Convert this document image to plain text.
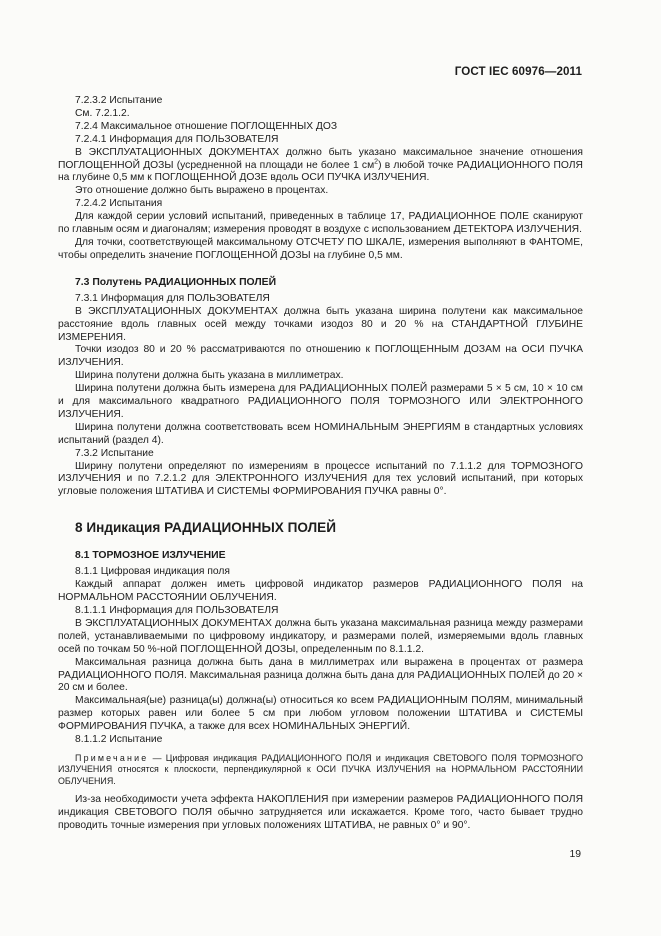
ГОСТ IEC 60976—2011

7.2.3.2 Испытание

См. 7.2.1.2.

7.2.4 Максимальное отношение ПОГЛОЩЕННЫХ ДОЗ

7.2.4.1 Информация для ПОЛЬЗОВАТЕЛЯ

В ЭКСПЛУАТАЦИОННЫХ ДОКУМЕНТАХ должно быть указано максимальное значение отношения ПОГЛОЩЕННОЙ ДОЗЫ (усредненной на площади не более 1 $см^2$) в любой точке РАДИАЦИОННОГО ПОЛЯ на глубине 0,5 мм к ПОГЛОЩЕННОЙ ДОЗЕ вдоль ОСИ ПУЧКА ИЗЛУЧЕНИЯ.

Это отношение должно быть выражено в процентах.

7.2.4.2 Испытания

Для каждой серии условий испытаний, приведенных в таблице 17, РАДИАЦИОННОЕ ПОЛЕ сканируют по главным осям и диагоналям; измерения проводят в воздухе с использованием ДЕТЕКТОРА ИЗЛУЧЕНИЯ.

Для точки, соответствующей максимальному ОТСЧЕТУ ПО ШКАЛЕ, измерения выполняют в ФАНТОМЕ, чтобы определить значение ПОГЛОЩЕННОЙ ДОЗЫ на глубине 0,5 мм.

7.3 Полутень РАДИАЦИОННЫХ ПОЛЕЙ

7.3.1 Информация для ПОЛЬЗОВАТЕЛЯ

В ЭКСПЛУАТАЦИОННЫХ ДОКУМЕНТАХ должна быть указана ширина полутени как максимальное расстояние вдоль главных осей между точками изодоз 80 и 20 % на СТАНДАРТНОЙ ГЛУБИНЕ ИЗМЕРЕНИЯ.

Точки изодоз 80 и 20 % рассматриваются по отношению к ПОГЛОЩЕННЫМ ДОЗАМ на ОСИ ПУЧКА ИЗЛУЧЕНИЯ.

Ширина полутени должна быть указана в миллиметрах.

Ширина полутени должна быть измерена для РАДИАЦИОННЫХ ПОЛЕЙ размерами 5 × 5 см, 10 × 10 см и для максимального квадратного РАДИАЦИОННОГО ПОЛЯ ТОРМОЗНОГО ИЛИ ЭЛЕКТРОННОГО ИЗЛУЧЕНИЯ.

Ширина полутени должна соответствовать всем НОМИНАЛЬНЫМ ЭНЕРГИЯМ в стандартных условиях испытаний (раздел 4).

7.3.2 Испытание

Ширину полутени определяют по измерениям в процессе испытаний по 7.1.1.2 для ТОРМОЗНОГО ИЗЛУЧЕНИЯ и по 7.2.1.2 для ЭЛЕКТРОННОГО ИЗЛУЧЕНИЯ для тех условий испытаний, при которых угловые положения ШТАТИВА И СИСТЕМЫ ФОРМИРОВАНИЯ ПУЧКА равны 0°.

8 Индикация РАДИАЦИОННЫХ ПОЛЕЙ
8.1 ТОРМОЗНОЕ ИЗЛУЧЕНИЕ

8.1.1 Цифровая индикация поля

Каждый аппарат должен иметь цифровой индикатор размеров РАДИАЦИОННОГО ПОЛЯ на НОРМАЛЬНОМ РАССТОЯНИИ ОБЛУЧЕНИЯ.

8.1.1.1 Информация для ПОЛЬЗОВАТЕЛЯ

В ЭКСПЛУАТАЦИОННЫХ ДОКУМЕНТАХ должна быть указана максимальная разница между размерами полей, устанавливаемыми по цифровому индикатору, и размерами полей, измеряемыми вдоль главных осей по точкам 50 %-ной ПОГЛОЩЕННОЙ ДОЗЫ, определенным по 8.1.1.2.

Максимальная разница должна быть дана в миллиметрах или выражена в процентах от размера РАДИАЦИОННОГО ПОЛЯ. Максимальная разница должна быть дана для РАДИАЦИОННЫХ ПОЛЕЙ до 20 × 20 см и более.

Максимальная(ые) разница(ы) должна(ы) относиться ко всем РАДИАЦИОННЫМ ПОЛЯМ, минимальный размер которых равен или более 5 см при любом угловом положении ШТАТИВА и СИСТЕМЫ ФОРМИРОВАНИЯ ПУЧКА, а также для всех НОМИНАЛЬНЫХ ЭНЕРГИЙ.

8.1.1.2 Испытание

Примечание — Цифровая индикация РАДИАЦИОННОГО ПОЛЯ и индикация СВЕТОВОГО ПОЛЯ ТОРМОЗНОГО ИЗЛУЧЕНИЯ относятся к плоскости, перпендикулярной к ОСИ ПУЧКА ИЗЛУЧЕНИЯ на НОРМАЛЬНОМ РАССТОЯНИИ ОБЛУЧЕНИЯ.

Из-за необходимости учета эффекта НАКОПЛЕНИЯ при измерении размеров РАДИАЦИОННОГО ПОЛЯ индикация СВЕТОВОГО ПОЛЯ обычно затрудняется или искажается. Кроме того, часто бывает трудно проводить точные измерения при угловых положениях ШТАТИВА, не равных 0° и 90°.

19
